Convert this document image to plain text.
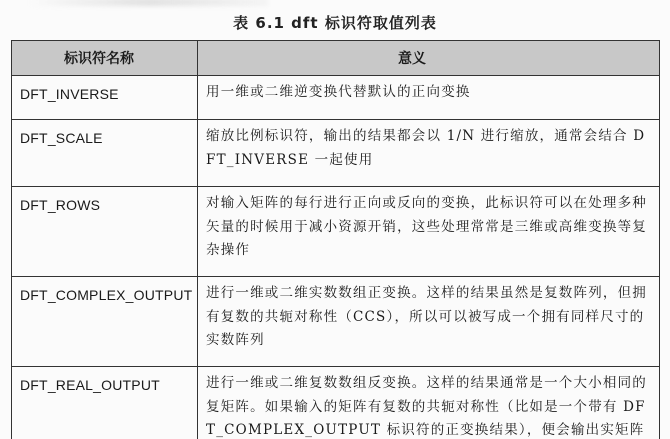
表 6.1 dft 标识符取值列表
标识符名称	意义
DFT_INVERSE	用一维或二维逆变换代替默认的正向变换
DFT_SCALE	缩放比例标识符，输出的结果都会以 1/N 进行缩放，通常会结合 DFT_INVERSE 一起使用
DFT_ROWS	对输入矩阵的每行进行正向或反向的变换，此标识符可以在处理多种矢量的时候用于减小资源开销，这些处理常常是三维或高维变换等复杂操作
DFT_COMPLEX_OUTPUT	进行一维或二维实数数组正变换。这样的结果虽然是复数阵列，但拥有复数的共轭对称性（CCS），所以可以被写成一个拥有同样尺寸的实数阵列
DFT_REAL_OUTPUT	进行一维或二维复数数组反变换。这样的结果通常是一个大小相同的复矩阵。如果输入的矩阵有复数的共轭对称性（比如是一个带有 DFT_COMPLEX_OUTPUT 标识符的正变换结果），便会输出实矩阵
